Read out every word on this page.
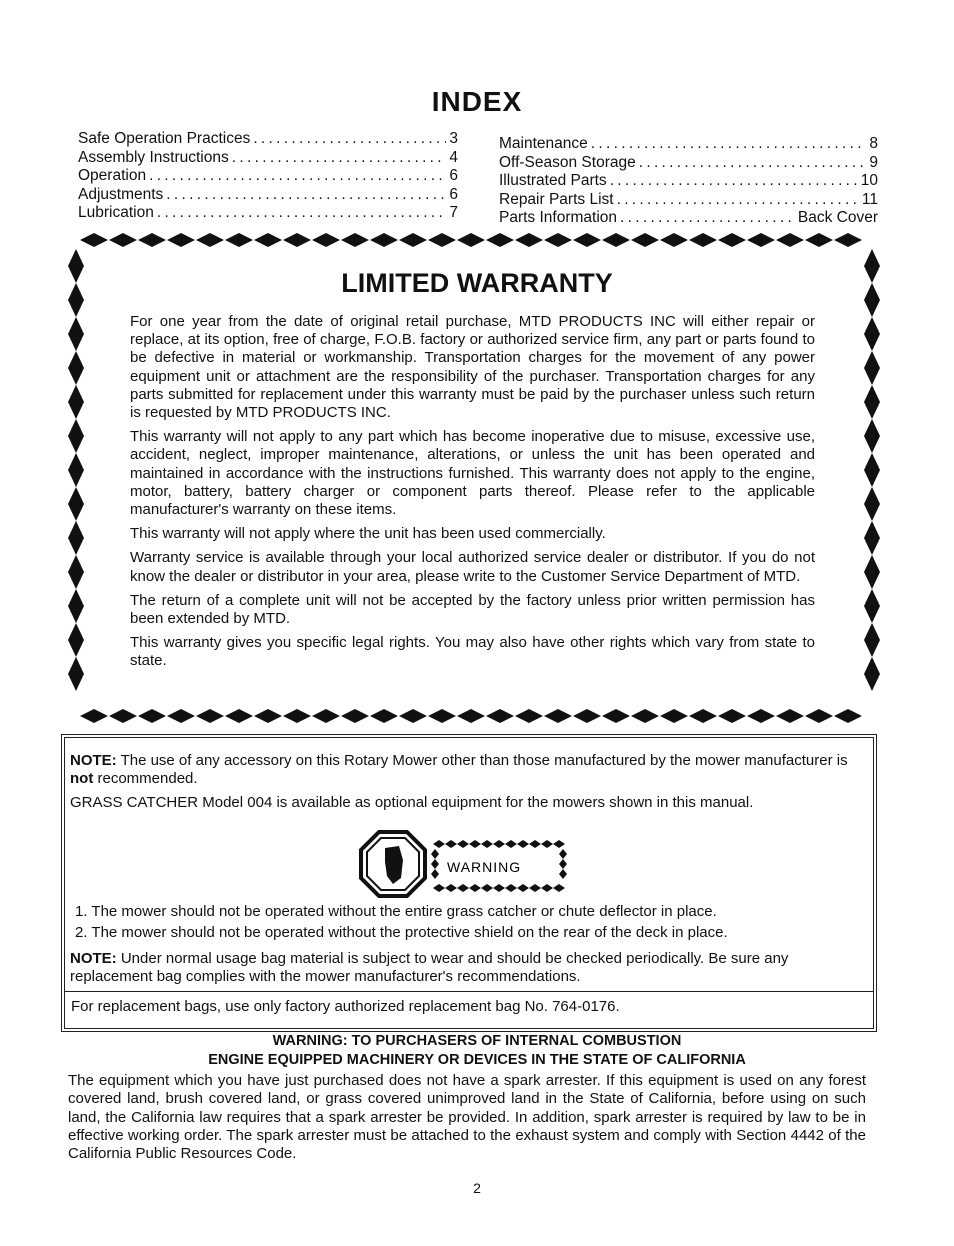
INDEX
Safe Operation Practices . . .	3
Assembly Instructions . . .	4
Operation . . .	6
Adjustments . . .	6
Lubrication . . .	7
Maintenance . . .	8
Off-Season Storage . . .	9
Illustrated Parts . . .	10
Repair Parts List . . .	11
Parts Information . . .	Back Cover
LIMITED WARRANTY

For one year from the date of original retail purchase, MTD PRODUCTS INC will either repair or replace, at its option, free of charge, F.O.B. factory or authorized service firm, any part or parts found to be defective in material or workmanship. Transportation charges for the movement of any power equipment unit or attachment are the responsibility of the purchaser. Transportation charges for any parts submitted for replacement under this warranty must be paid by the purchaser unless such return is requested by MTD PRODUCTS INC.

This warranty will not apply to any part which has become inoperative due to misuse, excessive use, accident, neglect, improper maintenance, alterations, or unless the unit has been operated and maintained in accordance with the instructions furnished. This warranty does not apply to the engine, motor, battery, battery charger or component parts thereof. Please refer to the applicable manufacturer's warranty on these items.

This warranty will not apply where the unit has been used commercially.

Warranty service is available through your local authorized service dealer or distributor. If you do not know the dealer or distributor in your area, please write to the Customer Service Department of MTD.

The return of a complete unit will not be accepted by the factory unless prior written permission has been extended by MTD.

This warranty gives you specific legal rights. You may also have other rights which vary from state to state.

NOTE: The use of any accessory on this Rotary Mower other than those manufactured by the mower manufacturer is not recommended.

GRASS CATCHER Model 004 is available as optional equipment for the mowers shown in this manual.

WARNING
1. The mower should not be operated without the entire grass catcher or chute deflector in place.
2. The mower should not be operated without the protective shield on the rear of the deck in place.
NOTE: Under normal usage bag material is subject to wear and should be checked periodically. Be sure any replacement bag complies with the mower manufacturer's recommendations.
For replacement bags, use only factory authorized replacement bag No. 764-0176.
WARNING: TO PURCHASERS OF INTERNAL COMBUSTION
ENGINE EQUIPPED MACHINERY OR DEVICES IN THE STATE OF CALIFORNIA
The equipment which you have just purchased does not have a spark arrester. If this equipment is used on any forest covered land, brush covered land, or grass covered unimproved land in the State of California, before using on such land, the California law requires that a spark arrester be provided. In addition, spark arrester is required by law to be in effective working order. The spark arrester must be attached to the exhaust system and comply with Section 4442 of the California Public Resources Code.
2
